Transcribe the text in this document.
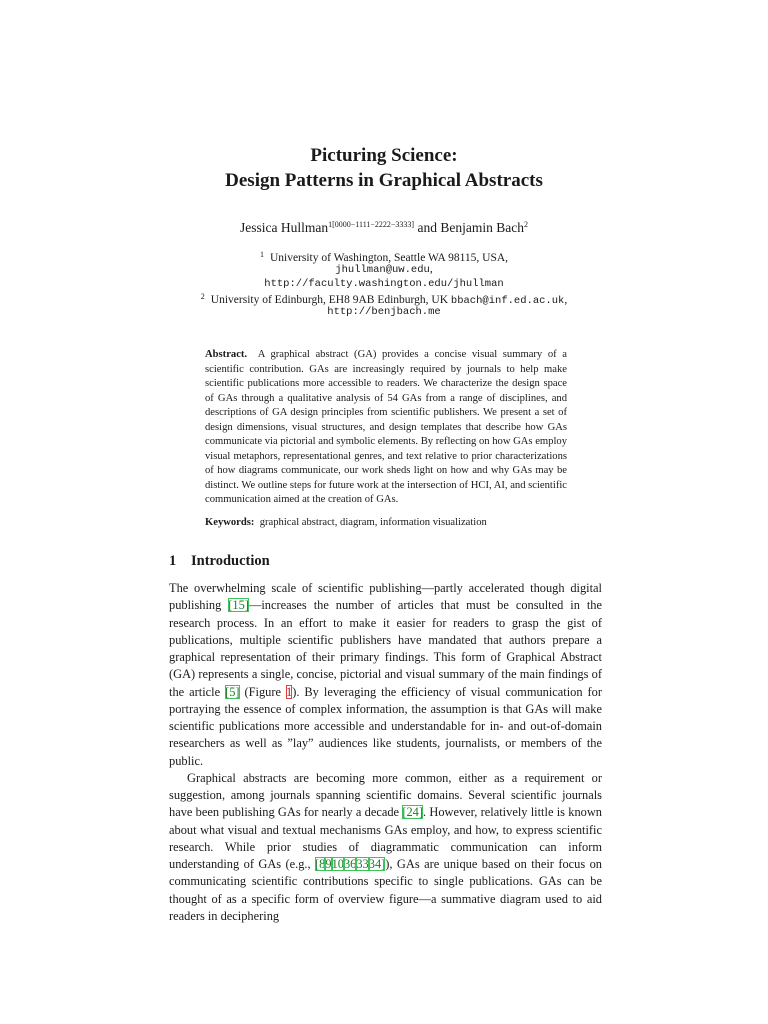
Picturing Science:
Design Patterns in Graphical Abstracts
Jessica Hullman$^{1[0000-1111-2222-3333]}$ and Benjamin Bach$^2$
$^1$ University of Washington, Seattle WA 98115, USA,
jhullman@uw.edu,
http://faculty.washington.edu/jhullman
$^2$ University of Edinburgh, EH8 9AB Edinburgh, UK bbach@inf.ed.ac.uk,
http://benjbach.me
Abstract. A graphical abstract (GA) provides a concise visual summary of a scientific contribution. GAs are increasingly required by journals to help make scientific publications more accessible to readers. We characterize the design space of GAs through a qualitative analysis of 54 GAs from a range of disciplines, and descriptions of GA design principles from scientific publishers. We present a set of design dimensions, visual structures, and design templates that describe how GAs communicate via pictorial and symbolic elements. By reflecting on how GAs employ visual metaphors, representational genres, and text relative to prior characterizations of how diagrams communicate, our work sheds light on how and why GAs may be distinct. We outline steps for future work at the intersection of HCI, AI, and scientific communication aimed at the creation of GAs.
Keywords: graphical abstract, diagram, information visualization
1 Introduction

The overwhelming scale of scientific publishing—partly accelerated though digital publishing [15]—increases the number of articles that must be consulted in the research process. In an effort to make it easier for readers to grasp the gist of publications, multiple scientific publishers have mandated that authors prepare a graphical representation of their primary findings. This form of Graphical Abstract (GA) represents a single, concise, pictorial and visual summary of the main findings of the article [5] (Figure 1). By leveraging the efficiency of visual communication for portraying the essence of complex information, the assumption is that GAs will make scientific publications more accessible and understandable for in- and out-of-domain researchers as well as ”lay” audiences like students, journalists, or members of the public.

Graphical abstracts are becoming more common, either as a requirement or suggestion, among journals spanning scientific domains. Several scientific journals have been publishing GAs for nearly a decade [24]. However, relatively little is known about what visual and textual mechanisms GAs employ, and how, to express scientific research. While prior studies of diagrammatic communication can inform understanding of GAs (e.g., [8910363334]), GAs are unique based on their focus on communicating scientific contributions specific to single publications. GAs can be thought of as a specific form of overview figure—a summative diagram used to aid readers in deciphering
